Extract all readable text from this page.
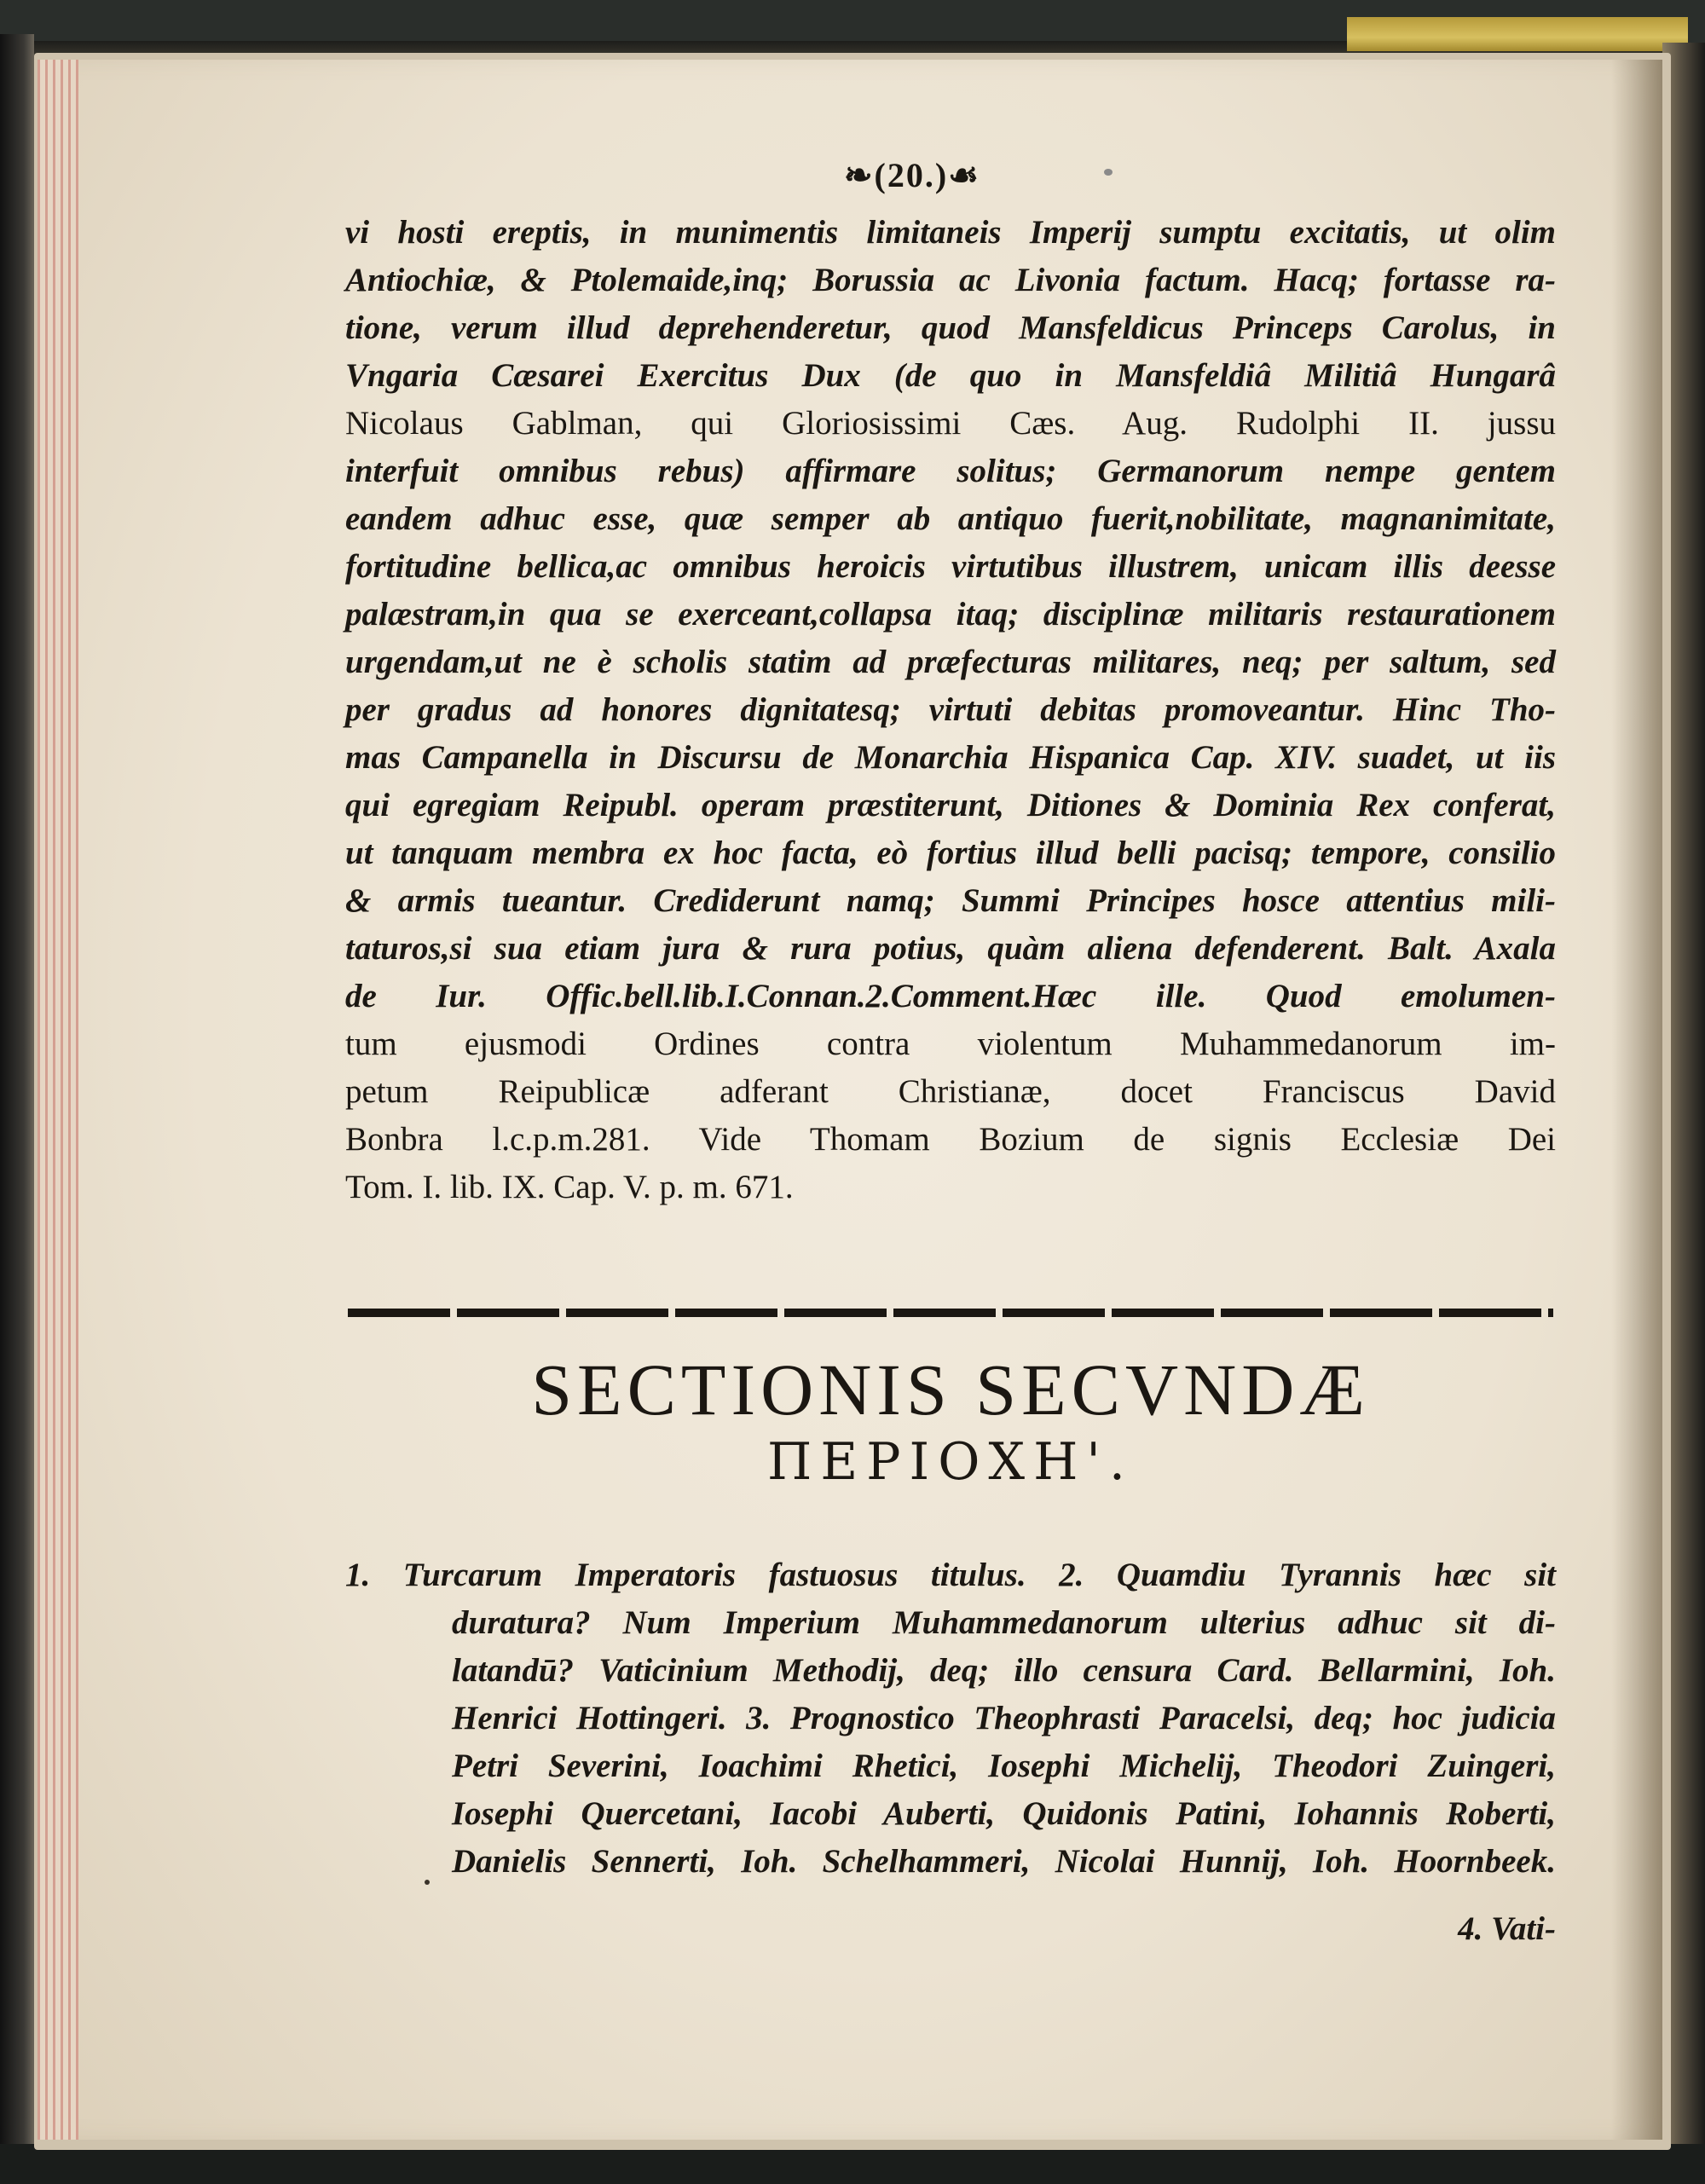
❧(20.)☙
vi hosti ereptis, in munimentis limitaneis Imperij sumptu excitatis, ut olim
Antiochiæ, & Ptolemaide,inq; Borussia ac Livonia factum. Hacq; fortasse ra-
tione, verum illud deprehenderetur, quod Mansfeldicus Princeps Carolus, in
Vngaria Cæsarei Exercitus Dux (de quo in Mansfeldiâ Militiâ Hungarâ
Nicolaus Gablman, qui Gloriosissimi Cæs. Aug. Rudolphi II. jussu
interfuit omnibus rebus) affirmare solitus; Germanorum nempe gentem
eandem adhuc esse, quæ semper ab antiquo fuerit,nobilitate, magnanimitate,
fortitudine bellica,ac omnibus heroicis virtutibus illustrem, unicam illis deesse
palæstram,in qua se exerceant,collapsa itaq; disciplinæ militaris restaurationem
urgendam,ut ne è scholis statim ad præfecturas militares, neq; per saltum, sed
per gradus ad honores dignitatesq; virtuti debitas promoveantur. Hinc Tho-
mas Campanella in Discursu de Monarchia Hispanica Cap. XIV. suadet, ut iis
qui egregiam Reipubl. operam præstiterunt, Ditiones & Dominia Rex conferat,
ut tanquam membra ex hoc facta, eò fortius illud belli pacisq; tempore, consilio
& armis tueantur. Crediderunt namq; Summi Principes hosce attentius mili-
taturos,si sua etiam jura & rura potius, quàm aliena defenderent. Balt. Axala
de Iur. Offic.bell.lib.I.Connan.2.Comment.Hæc ille. Quod emolumen-
tum ejusmodi Ordines contra violentum Muhammedanorum im-
petum Reipublicæ adferant Christianæ, docet Franciscus David
Bonbra l.c.p.m.281. Vide Thomam Bozium de signis Ecclesiæ Dei
Tom. I. lib. IX. Cap. V. p. m. 671.
SECTIONIS SECVNDÆ
ΠΕΡΙΟΧΗ'.
1. Turcarum Imperatoris fastuosus titulus. 2. Quamdiu Tyrannis hæc sit
duratura? Num Imperium Muhammedanorum ulterius adhuc sit di-
latandū? Vaticinium Methodij, deq; illo censura Card. Bellarmini, Ioh.
Henrici Hottingeri. 3. Prognostico Theophrasti Paracelsi, deq; hoc judicia
Petri Severini, Ioachimi Rhetici, Iosephi Michelij, Theodori Zuingeri,
Iosephi Quercetani, Iacobi Auberti, Quidonis Patini, Iohannis Roberti,
Danielis Sennerti, Ioh. Schelhammeri, Nicolai Hunnij, Ioh. Hoornbeek.
4. Vati-
